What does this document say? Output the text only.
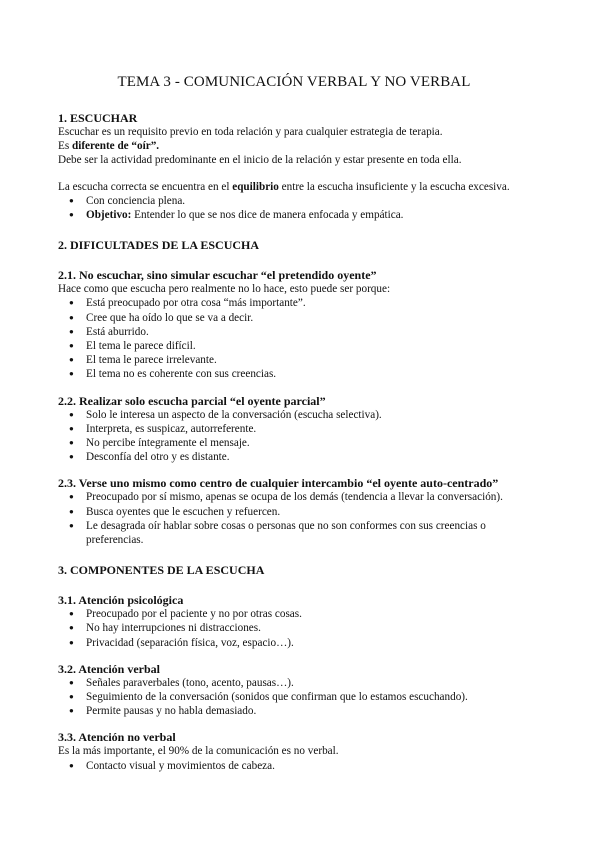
TEMA 3 - COMUNICACIÓN VERBAL Y NO VERBAL
1. ESCUCHAR
Escuchar es un requisito previo en toda relación y para cualquier estrategia de terapia.
Es diferente de “oír”.
Debe ser la actividad predominante en el inicio de la relación y estar presente en toda ella.
La escucha correcta se encuentra en el equilibrio entre la escucha insuficiente y la escucha excesiva.
● Con conciencia plena.
● Objetivo: Entender lo que se nos dice de manera enfocada y empática.
2. DIFICULTADES DE LA ESCUCHA
2.1. No escuchar, sino simular escuchar “el pretendido oyente”
Hace como que escucha pero realmente no lo hace, esto puede ser porque:
● Está preocupado por otra cosa “más importante”.
● Cree que ha oído lo que se va a decir.
● Está aburrido.
● El tema le parece difícil.
● El tema le parece irrelevante.
● El tema no es coherente con sus creencias.
2.2. Realizar solo escucha parcial “el oyente parcial”
● Solo le interesa un aspecto de la conversación (escucha selectiva).
● Interpreta, es suspicaz, autorreferente.
● No percibe íntegramente el mensaje.
● Desconfía del otro y es distante.
2.3. Verse uno mismo como centro de cualquier intercambio “el oyente auto-centrado”
● Preocupado por sí mismo, apenas se ocupa de los demás (tendencia a llevar la conversación).
● Busca oyentes que le escuchen y refuercen.
● Le desagrada oír hablar sobre cosas o personas que no son conformes con sus creencias o preferencias.
3. COMPONENTES DE LA ESCUCHA
3.1. Atención psicológica
● Preocupado por el paciente y no por otras cosas.
● No hay interrupciones ni distracciones.
● Privacidad (separación física, voz, espacio…).
3.2. Atención verbal
● Señales paraverbales (tono, acento, pausas…).
● Seguimiento de la conversación (sonidos que confirman que lo estamos escuchando).
● Permite pausas y no habla demasiado.
3.3. Atención no verbal
Es la más importante, el 90% de la comunicación es no verbal.
● Contacto visual y movimientos de cabeza.
